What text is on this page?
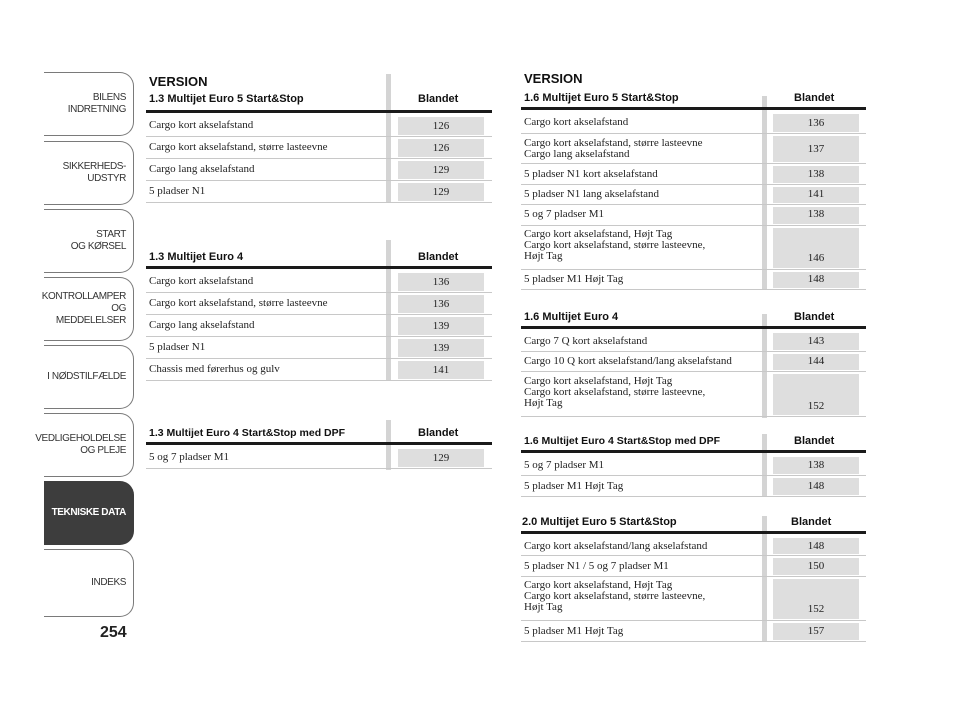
BILENS
INDRETNING
SIKKERHEDS-
UDSTYR
START
OG KØRSEL
KONTROLLAMPER
OG MEDDELELSER
I NØDSTILFÆLDE
VEDLIGEHOLDELSE
OG PLEJE
TEKNISKE DATA
INDEKS
254
VERSION
1.3 Multijet Euro 5 Start&Stop	Blandet
Cargo kort akselafstand	126
Cargo kort akselafstand, større lasteevne	126
Cargo lang akselafstand	129
5 pladser N1	129
1.3 Multijet Euro 4	Blandet
Cargo kort akselafstand	136
Cargo kort akselafstand, større lasteevne	136
Cargo lang akselafstand	139
5 pladser N1	139
Chassis med førerhus og gulv	141
1.3 Multijet Euro 4 Start&Stop med DPF	Blandet
5 og 7 pladser M1	129
VERSION
1.6 Multijet Euro 5 Start&Stop	Blandet
Cargo kort akselafstand	136
Cargo kort akselafstand, større lasteevne
Cargo lang akselafstand	137
5 pladser N1 kort akselafstand	138
5 pladser N1 lang akselafstand	141
5 og 7 pladser M1	138
Cargo kort akselafstand, Højt Tag
Cargo kort akselafstand, større lasteevne,
Højt Tag	146
5 pladser M1 Højt Tag	148
1.6 Multijet Euro 4	Blandet
Cargo 7 Q kort akselafstand	143
Cargo 10 Q kort akselafstand/lang akselafstand	144
Cargo kort akselafstand, Højt Tag
Cargo kort akselafstand, større lasteevne,
Højt Tag	152
1.6 Multijet Euro 4 Start&Stop med DPF	Blandet
5 og 7 pladser M1	138
5 pladser M1 Højt Tag	148
2.0 Multijet Euro 5 Start&Stop	Blandet
Cargo kort akselafstand/lang akselafstand	148
5 pladser N1 / 5 og 7 pladser M1	150
Cargo kort akselafstand, Højt Tag
Cargo kort akselafstand, større lasteevne,
Højt Tag	152
5 pladser M1 Højt Tag	157
